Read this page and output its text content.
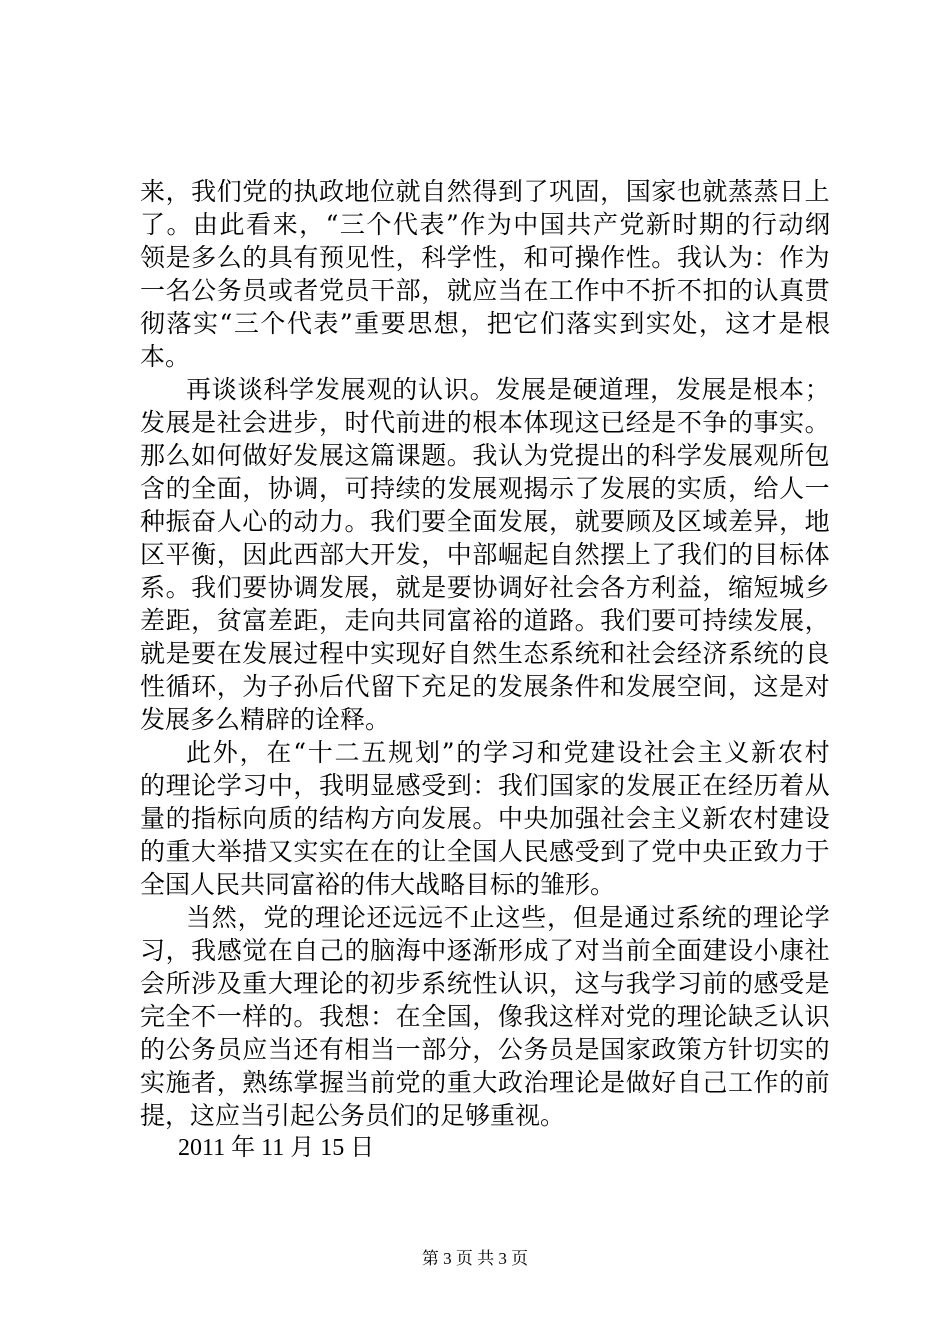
来 ， 我 们 党 的 执 政 地 位 就 自 然 得 到 了 巩 固 ， 国 家 也 就 蒸 蒸 日 上
了 。 由 此 看 来 ， “ 三 个 代 表 ” 作 为 中 国 共 产 党 新 时 期 的 行 动 纲
领 是 多 么 的 具 有 预 见 性 ， 科 学 性 ， 和 可 操 作 性 。 我 认 为 ： 作 为
一 名 公 务 员 或 者 党 员 干 部 ， 就 应 当 在 工 作 中 不 折 不 扣 的 认 真 贯
彻 落 实 “ 三 个 代 表 ” 重 要 思 想 ， 把 它 们 落 实 到 实 处 ， 这 才 是 根
本。
再 谈 谈 科 学 发 展 观 的 认 识 。 发 展 是 硬 道 理 ， 发 展 是 根 本 ；
发 展 是 社 会 进 步 ， 时 代 前 进 的 根 本 体 现 这 已 经 是 不 争 的 事 实 。
那 么 如 何 做 好 发 展 这 篇 课 题 。 我 认 为 党 提 出 的 科 学 发 展 观 所 包
含 的 全 面 ， 协 调 ， 可 持 续 的 发 展 观 揭 示 了 发 展 的 实 质 ， 给 人 一
种 振 奋 人 心 的 动 力 。 我 们 要 全 面 发 展 ， 就 要 顾 及 区 域 差 异 ， 地
区 平 衡 ， 因 此 西 部 大 开 发 ， 中 部 崛 起 自 然 摆 上 了 我 们 的 目 标 体
系 。 我 们 要 协 调 发 展 ， 就 是 要 协 调 好 社 会 各 方 利 益 ， 缩 短 城 乡
差 距 ， 贫 富 差 距 ， 走 向 共 同 富 裕 的 道 路 。 我 们 要 可 持 续 发 展 ，
就 是 要 在 发 展 过 程 中 实 现 好 自 然 生 态 系 统 和 社 会 经 济 系 统 的 良
性 循 环 ， 为 子 孙 后 代 留 下 充 足 的 发 展 条 件 和 发 展 空 间 ， 这 是 对
发展多么精辟的诠释。
此 外 ， 在 “ 十 二 五 规 划 ” 的 学 习 和 党 建 设 社 会 主 义 新 农 村
的 理 论 学 习 中 ， 我 明 显 感 受 到 ： 我 们 国 家 的 发 展 正 在 经 历 着 从
量 的 指 标 向 质 的 结 构 方 向 发 展 。 中 央 加 强 社 会 主 义 新 农 村 建 设
的 重 大 举 措 又 实 实 在 在 的 让 全 国 人 民 感 受 到 了 党 中 央 正 致 力 于
全国人民共同富裕的伟大战略目标的雏形。
当 然 ， 党 的 理 论 还 远 远 不 止 这 些 ， 但 是 通 过 系 统 的 理 论 学
习 ， 我 感 觉 在 自 己 的 脑 海 中 逐 渐 形 成 了 对 当 前 全 面 建 设 小 康 社
会 所 涉 及 重 大 理 论 的 初 步 系 统 性 认 识 ， 这 与 我 学 习 前 的 感 受 是
完 全 不 一 样 的 。 我 想 ： 在 全 国 ， 像 我 这 样 对 党 的 理 论 缺 乏 认 识
的 公 务 员 应 当 还 有 相 当 一 部 分 ， 公 务 员 是 国 家 政 策 方 针 切 实 的
实 施 者 ， 熟 练 掌 握 当 前 党 的 重 大 政 治 理 论 是 做 好 自 己 工 作 的 前
提，这应当引起公务员们的足够重视。
2011 年 11 月 15 日
第 3 页 共 3 页
